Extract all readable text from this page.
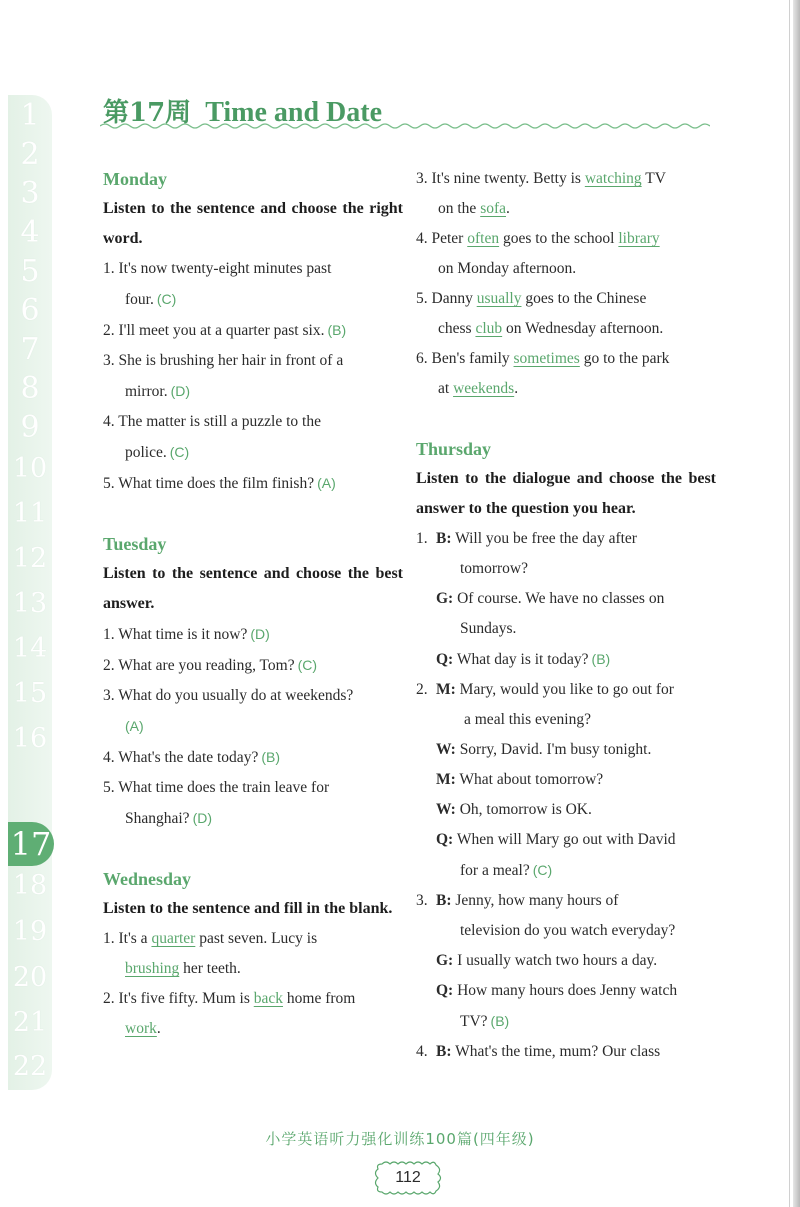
1
2
3
4
5
6
7
8
9
10
11
12
13
14
15
16
18
19
20
21
22
17
第17周 Time and Date
Monday
Listen to the sentence and choose the right word.
1. It's now twenty-eight minutes past
four. (C)
2. I'll meet you at a quarter past six. (B)
3. She is brushing her hair in front of a
mirror. (D)
4. The matter is still a puzzle to the
police. (C)
5. What time does the film finish? (A)
Tuesday
Listen to the sentence and choose the best answer.
1. What time is it now? (D)
2. What are you reading, Tom? (C)
3. What do you usually do at weekends?
(A)
4. What's the date today? (B)
5. What time does the train leave for
Shanghai? (D)
Wednesday
Listen to the sentence and fill in the blank.
1. It's a quarter past seven. Lucy is
brushing her teeth.
2. It's five fifty. Mum is back home from
work.
3. It's nine twenty. Betty is watching TV
on the sofa.
4. Peter often goes to the school library
on Monday afternoon.
5. Danny usually goes to the Chinese
chess club on Wednesday afternoon.
6. Ben's family sometimes go to the park
at weekends.
Thursday
Listen to the dialogue and choose the best answer to the question you hear.
1. B: Will you be free the day after
tomorrow?
G: Of course. We have no classes on
Sundays.
Q: What day is it today? (B)
2. M: Mary, would you like to go out for
a meal this evening?
W: Sorry, David. I'm busy tonight.
M: What about tomorrow?
W: Oh, tomorrow is OK.
Q: When will Mary go out with David
for a meal? (C)
3. B: Jenny, how many hours of
television do you watch everyday?
G: I usually watch two hours a day.
Q: How many hours does Jenny watch
TV? (B)
4. B: What's the time, mum? Our class
小学英语听力强化训练100篇(四年级)
112
